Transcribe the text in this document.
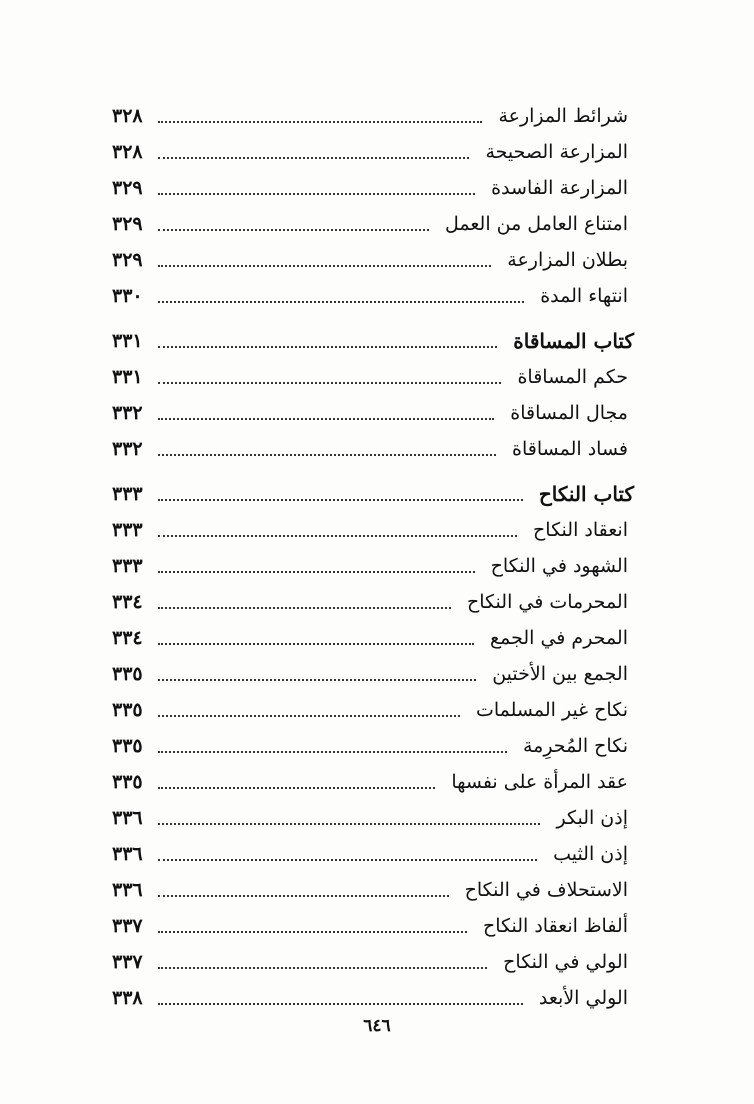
شرائط المزارعة
٣٢٨
المزارعة الصحيحة
٣٢٨
المزارعة الفاسدة
٣٢٩
امتناع العامل من العمل
٣٢٩
بطلان المزارعة
٣٢٩
انتهاء المدة
٣٣٠
كتاب المساقاة
٣٣١
حكم المساقاة
٣٣١
مجال المساقاة
٣٣٢
فساد المساقاة
٣٣٢
كتاب النكاح
٣٣٣
انعقاد النكاح
٣٣٣
الشهود في النكاح
٣٣٣
المحرمات في النكاح
٣٣٤
المحرم في الجمع
٣٣٤
الجمع بين الأختين
٣٣٥
نكاح غير المسلمات
٣٣٥
نكاح المُحرِمة
٣٣٥
عقد المرأة على نفسها
٣٣٥
إذن البكر
٣٣٦
إذن الثيب
٣٣٦
الاستحلاف في النكاح
٣٣٦
ألفاظ انعقاد النكاح
٣٣٧
الولي في النكاح
٣٣٧
الولي الأبعد
٣٣٨
٦٤٦
